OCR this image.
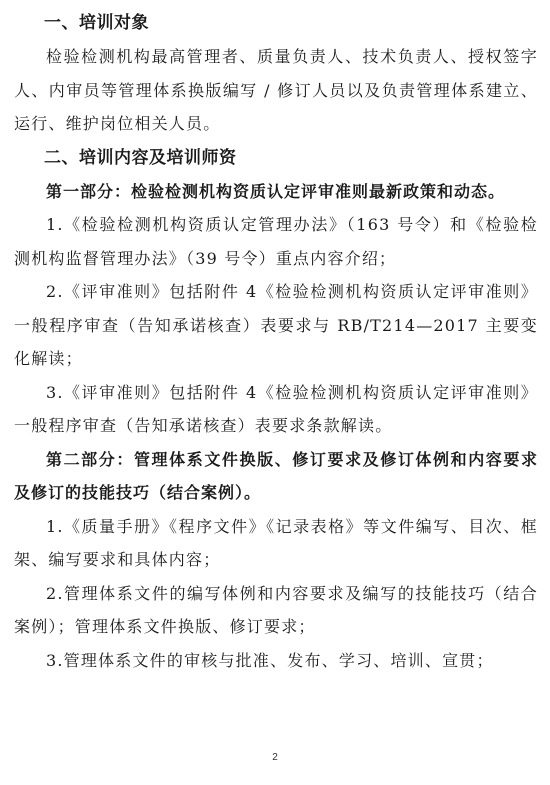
一、培训对象

检验检测机构最高管理者、质量负责人、技术负责人、授权签字人、内审员等管理体系换版编写 / 修订人员以及负责管理体系建立、运行、维护岗位相关人员。

二、培训内容及培训师资

第一部分：检验检测机构资质认定评审准则最新政策和动态。

1.《检验检测机构资质认定管理办法》（163 号令）和《检验检测机构监督管理办法》（39 号令）重点内容介绍；

2.《评审准则》包括附件 4《检验检测机构资质认定评审准则》一般程序审查（告知承诺核查）表要求与 RB/T214—2017 主要变化解读；

3.《评审准则》包括附件 4《检验检测机构资质认定评审准则》一般程序审查（告知承诺核查）表要求条款解读。

第二部分：管理体系文件换版、修订要求及修订体例和内容要求及修订的技能技巧（结合案例）。

1.《质量手册》《程序文件》《记录表格》等文件编写、目次、框架、编写要求和具体内容；

2.管理体系文件的编写体例和内容要求及编写的技能技巧（结合案例）；管理体系文件换版、修订要求；

3.管理体系文件的审核与批准、发布、学习、培训、宣贯；

2
